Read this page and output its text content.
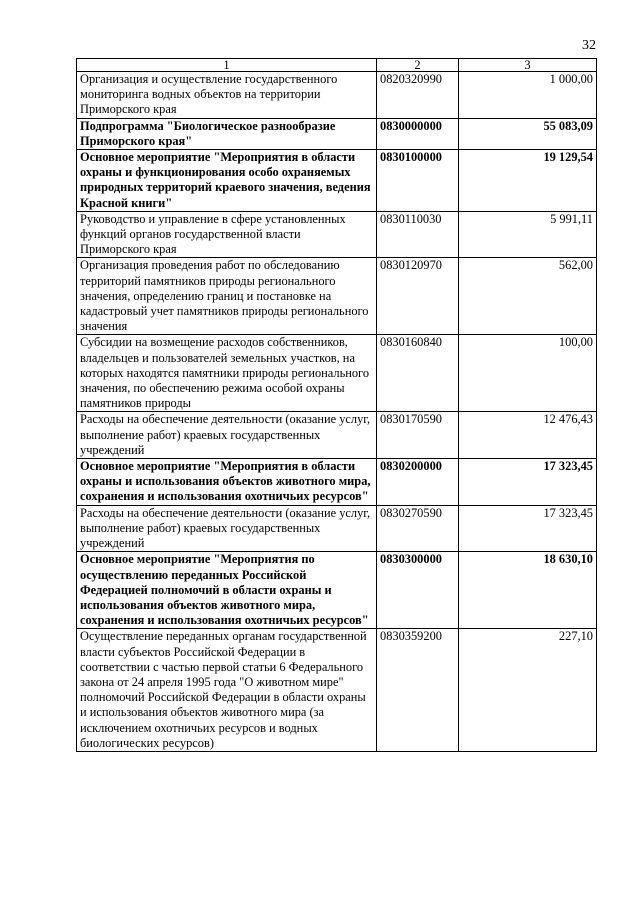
32
1	2	3
Организация и осуществление государственного мониторинга водных объектов на территории Приморского края	0820320990	1 000,00
Подпрограмма "Биологическое разнообразие Приморского края"	0830000000	55 083,09
Основное мероприятие "Мероприятия в области охраны и функционирования особо охраняемых природных территорий краевого значения, ведения Красной книги"	0830100000	19 129,54
Руководство и управление в сфере установленных функций органов государственной власти Приморского края	0830110030	5 991,11
Организация проведения работ по обследованию территорий памятников природы регионального значения, определению границ и постановке на кадастровый учет памятников природы регионального значения	0830120970	562,00
Субсидии на возмещение расходов собственников, владельцев и пользователей земельных участков, на которых находятся памятники природы регионального значения, по обеспечению режима особой охраны памятников природы	0830160840	100,00
Расходы на обеспечение деятельности (оказание услуг, выполнение работ) краевых государственных учреждений	0830170590	12 476,43
Основное мероприятие "Мероприятия в области охраны и использования объектов животного мира, сохранения и использования охотничьих ресурсов"	0830200000	17 323,45
Расходы на обеспечение деятельности (оказание услуг, выполнение работ) краевых государственных учреждений	0830270590	17 323,45
Основное мероприятие "Мероприятия по осуществлению переданных Российской Федерацией полномочий в области охраны и использования объектов животного мира, сохранения и использования охотничьих ресурсов"	0830300000	18 630,10
Осуществление переданных органам государственной власти субъектов Российской Федерации в соответствии с частью первой статьи 6 Федерального закона от 24 апреля 1995 года "О животном мире" полномочий Российской Федерации в области охраны и использования объектов животного мира (за исключением охотничьих ресурсов и водных биологических ресурсов)	0830359200	227,10
